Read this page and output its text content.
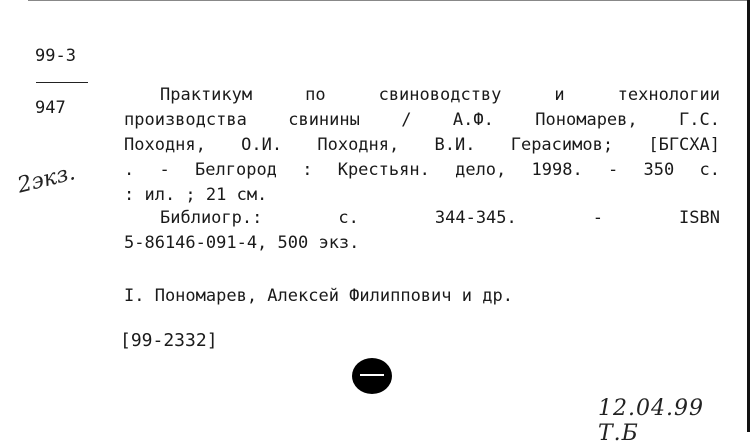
99-3
947
2экз.
Практикум по свиноводству и технологии
производства свинины / А.Ф. Пономарев, Г.С.
Походня, О.И. Походня, В.И. Герасимов; [БГСХА]
. - Белгород : Крестьян. дело, 1998. - 350 с.
: ил. ; 21 см.
Библиогр.: с. 344-345. - ISBN
5-86146-091-4, 500 экз.
I. Пономарев, Алексей Филиппович и др.
[99-2332]
12.04.99 Т.Б
